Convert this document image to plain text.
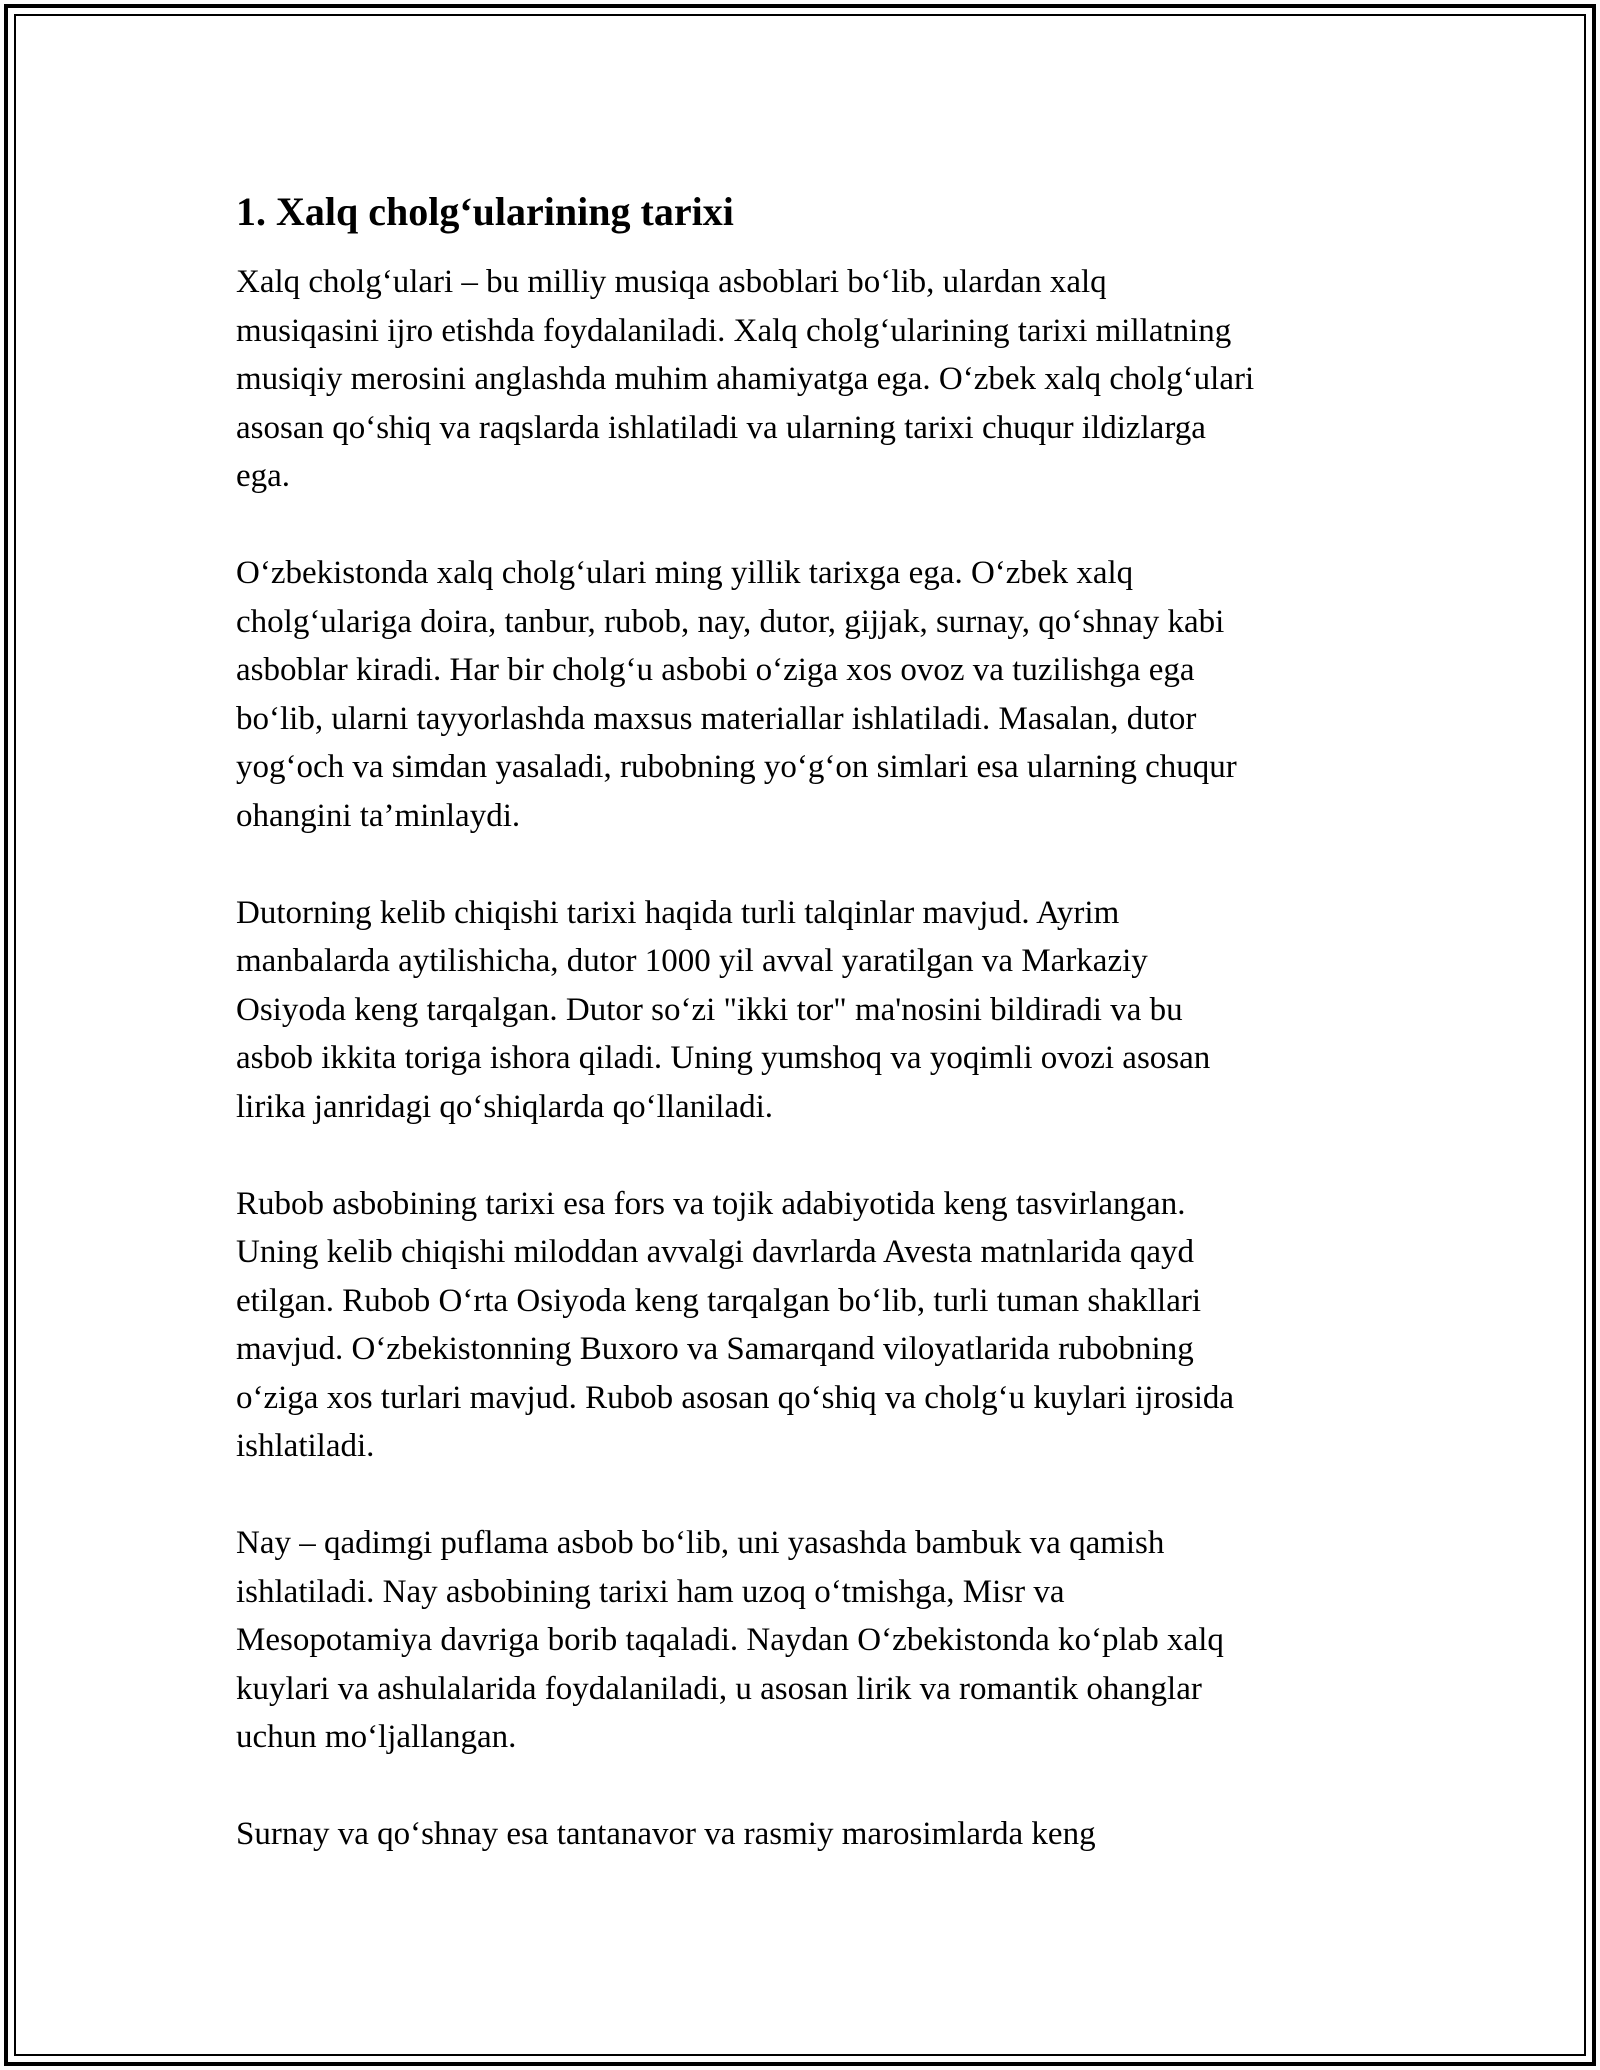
1. Xalq cholg‘ularining tarixi
Xalq cholg‘ulari – bu milliy musiqa asboblari bo‘lib, ulardan xalq
musiqasini ijro etishda foydalaniladi. Xalq cholg‘ularining tarixi millatning
musiqiy merosini anglashda muhim ahamiyatga ega. O‘zbek xalq cholg‘ulari
asosan qo‘shiq va raqslarda ishlatiladi va ularning tarixi chuqur ildizlarga
ega.
O‘zbekistonda xalq cholg‘ulari ming yillik tarixga ega. O‘zbek xalq
cholg‘ulariga doira, tanbur, rubob, nay, dutor, gijjak, surnay, qo‘shnay kabi
asboblar kiradi. Har bir cholg‘u asbobi o‘ziga xos ovoz va tuzilishga ega
bo‘lib, ularni tayyorlashda maxsus materiallar ishlatiladi. Masalan, dutor
yog‘och va simdan yasaladi, rubobning yo‘g‘on simlari esa ularning chuqur
ohangini ta’minlaydi.
Dutorning kelib chiqishi tarixi haqida turli talqinlar mavjud. Ayrim
manbalarda aytilishicha, dutor 1000 yil avval yaratilgan va Markaziy
Osiyoda keng tarqalgan. Dutor so‘zi "ikki tor" ma'nosini bildiradi va bu
asbob ikkita toriga ishora qiladi. Uning yumshoq va yoqimli ovozi asosan
lirika janridagi qo‘shiqlarda qo‘llaniladi.
Rubob asbobining tarixi esa fors va tojik adabiyotida keng tasvirlangan.
Uning kelib chiqishi miloddan avvalgi davrlarda Avesta matnlarida qayd
etilgan. Rubob O‘rta Osiyoda keng tarqalgan bo‘lib, turli tuman shakllari
mavjud. O‘zbekistonning Buxoro va Samarqand viloyatlarida rubobning
o‘ziga xos turlari mavjud. Rubob asosan qo‘shiq va cholg‘u kuylari ijrosida
ishlatiladi.
Nay – qadimgi puflama asbob bo‘lib, uni yasashda bambuk va qamish
ishlatiladi. Nay asbobining tarixi ham uzoq o‘tmishga, Misr va
Mesopotamiya davriga borib taqaladi. Naydan O‘zbekistonda ko‘plab xalq
kuylari va ashulalarida foydalaniladi, u asosan lirik va romantik ohanglar
uchun mo‘ljallangan.
Surnay va qo‘shnay esa tantanavor va rasmiy marosimlarda keng
